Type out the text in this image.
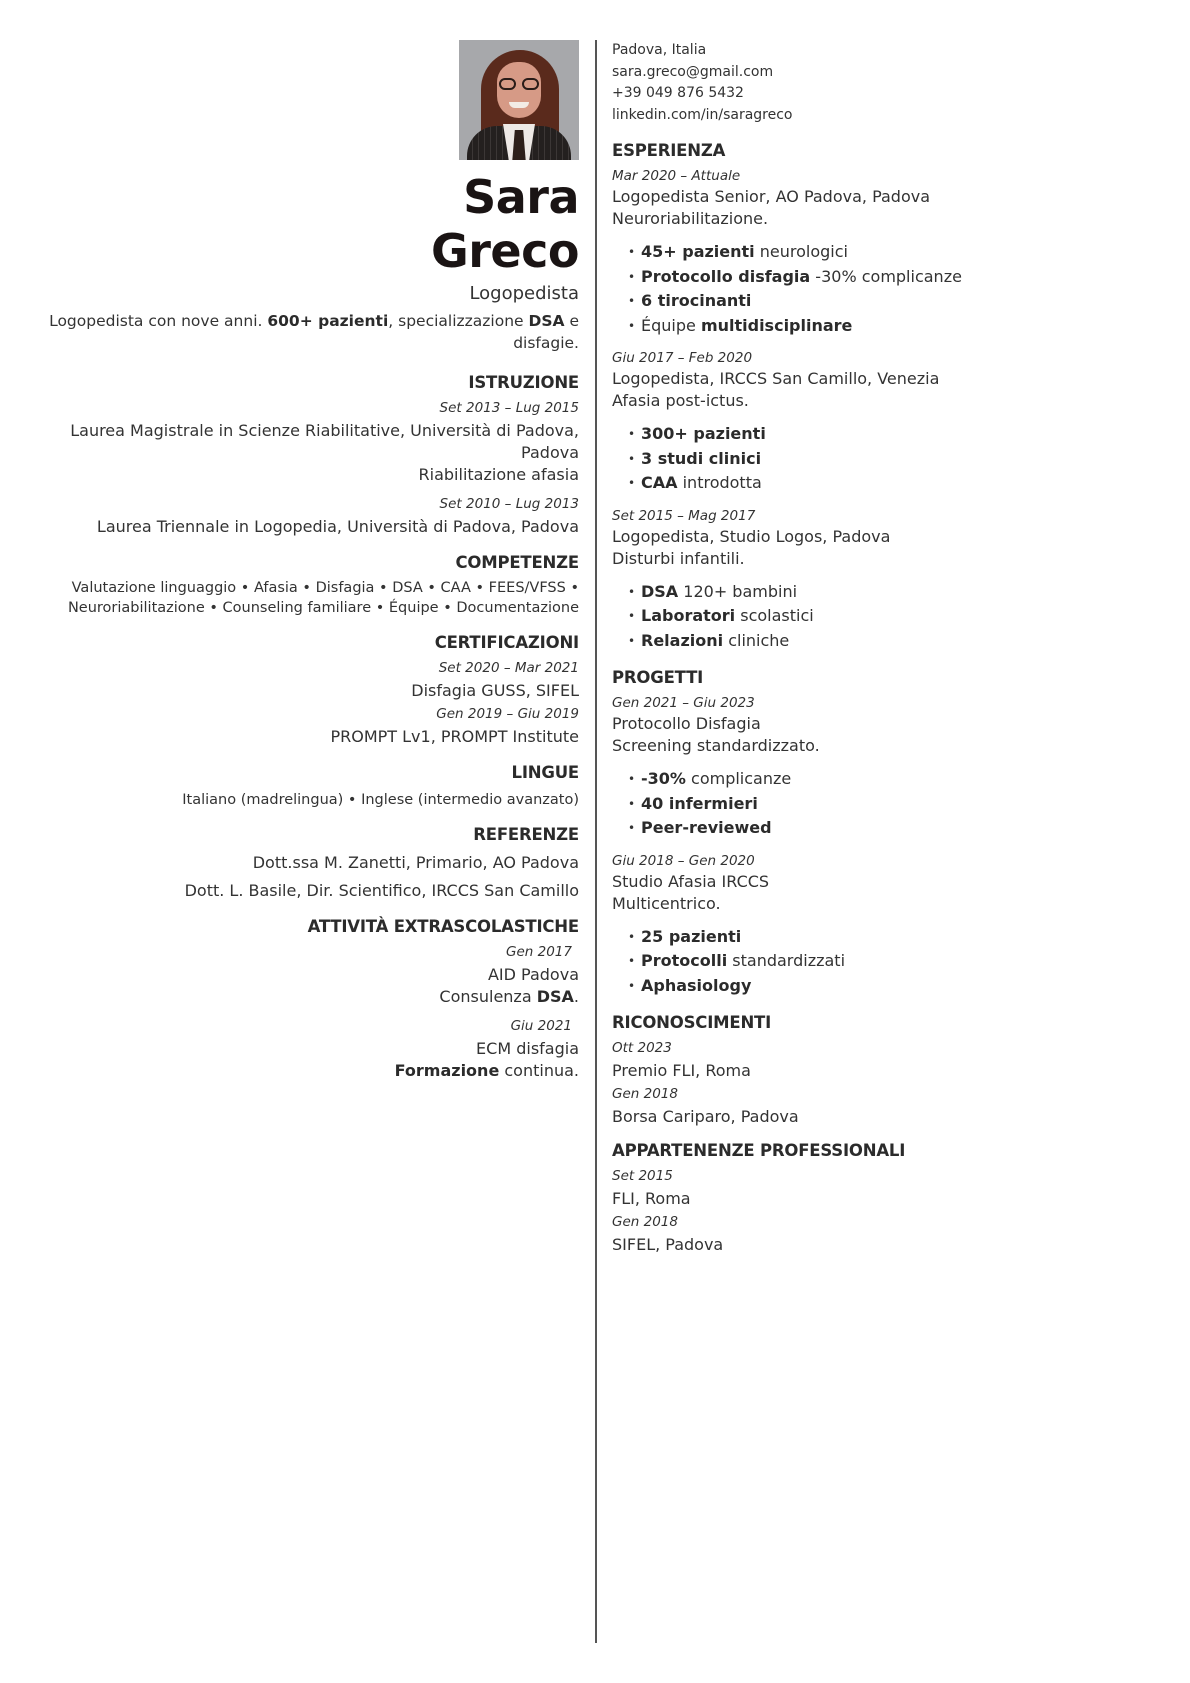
Sara
Greco
Logopedista
Logopedista con nove anni. 600+ pazienti, specializzazione DSA e disfagie.
ISTRUZIONE
Set 2013 – Lug 2015
Laurea Magistrale in Scienze Riabilitative, Università di Padova, Padova
Riabilitazione afasia
Set 2010 – Lug 2013
Laurea Triennale in Logopedia, Università di Padova, Padova
COMPETENZE
Valutazione linguaggio • Afasia • Disfagia • DSA • CAA • FEES/VFSS •
Neuroriabilitazione • Counseling familiare • Équipe • Documentazione
CERTIFICAZIONI
Set 2020 – Mar 2021
Disfagia GUSS, SIFEL
Gen 2019 – Giu 2019
PROMPT Lv1, PROMPT Institute
LINGUE
Italiano (madrelingua) • Inglese (intermedio avanzato)
REFERENZE
Dott.ssa M. Zanetti, Primario, AO Padova
Dott. L. Basile, Dir. Scientifico, IRCCS San Camillo
ATTIVITÀ EXTRASCOLASTICHE
Gen 2017
AID Padova
Consulenza DSA.
Giu 2021
ECM disfagia
Formazione continua.
Padova, Italia
sara.greco@gmail.com
+39 049 876 5432
linkedin.com/in/saragreco
ESPERIENZA
Mar 2020 – Attuale
Logopedista Senior, AO Padova, Padova
Neuroriabilitazione.
• 45+ pazienti neurologici
• Protocollo disfagia -30% complicanze
• 6 tirocinanti
• Équipe multidisciplinare
Giu 2017 – Feb 2020
Logopedista, IRCCS San Camillo, Venezia
Afasia post-ictus.
• 300+ pazienti
• 3 studi clinici
• CAA introdotta
Set 2015 – Mag 2017
Logopedista, Studio Logos, Padova
Disturbi infantili.
• DSA 120+ bambini
• Laboratori scolastici
• Relazioni cliniche
PROGETTI
Gen 2021 – Giu 2023
Protocollo Disfagia
Screening standardizzato.
• -30% complicanze
• 40 infermieri
• Peer-reviewed
Giu 2018 – Gen 2020
Studio Afasia IRCCS
Multicentrico.
• 25 pazienti
• Protocolli standardizzati
• Aphasiology
RICONOSCIMENTI
Ott 2023
Premio FLI, Roma
Gen 2018
Borsa Cariparo, Padova
APPARTENENZE PROFESSIONALI
Set 2015
FLI, Roma
Gen 2018
SIFEL, Padova
